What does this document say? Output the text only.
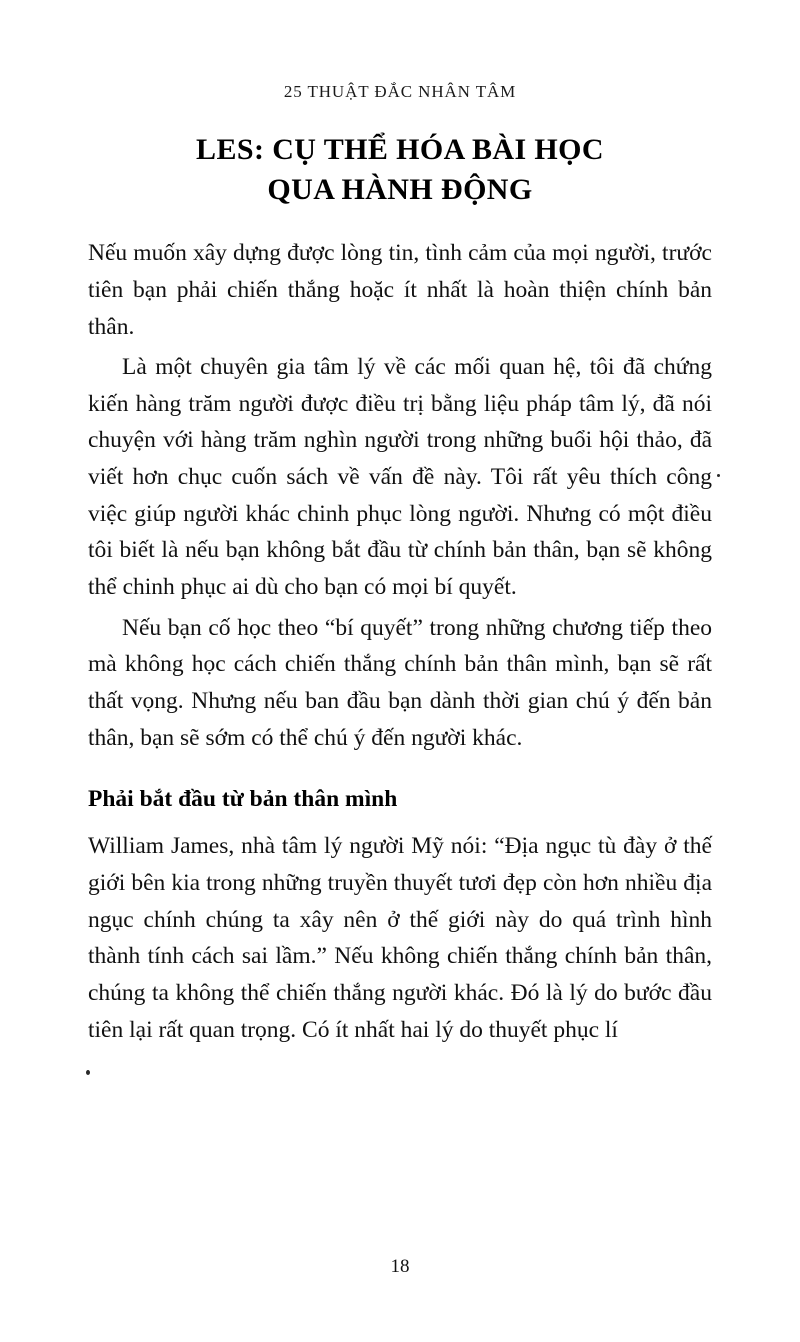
25 THUẬT ĐẮC NHÂN TÂM
LES: CỤ THỂ HÓA BÀI HỌC
QUA HÀNH ĐỘNG

Nếu muốn xây dựng được lòng tin, tình cảm của mọi người, trước tiên bạn phải chiến thắng hoặc ít nhất là hoàn thiện chính bản thân.

Là một chuyên gia tâm lý về các mối quan hệ, tôi đã chứng kiến hàng trăm người được điều trị bằng liệu pháp tâm lý, đã nói chuyện với hàng trăm nghìn người trong những buổi hội thảo, đã viết hơn chục cuốn sách về vấn đề này. Tôi rất yêu thích công việc giúp người khác chinh phục lòng người. Nhưng có một điều tôi biết là nếu bạn không bắt đầu từ chính bản thân, bạn sẽ không thể chinh phục ai dù cho bạn có mọi bí quyết.

Nếu bạn cố học theo “bí quyết” trong những chương tiếp theo mà không học cách chiến thắng chính bản thân mình, bạn sẽ rất thất vọng. Nhưng nếu ban đầu bạn dành thời gian chú ý đến bản thân, bạn sẽ sớm có thể chú ý đến người khác.

Phải bắt đầu từ bản thân mình

William James, nhà tâm lý người Mỹ nói: “Địa ngục tù đày ở thế giới bên kia trong những truyền thuyết tươi đẹp còn hơn nhiều địa ngục chính chúng ta xây nên ở thế giới này do quá trình hình thành tính cách sai lầm.” Nếu không chiến thắng chính bản thân, chúng ta không thể chiến thắng người khác. Đó là lý do bước đầu tiên lại rất quan trọng. Có ít nhất hai lý do thuyết phục lí

18
